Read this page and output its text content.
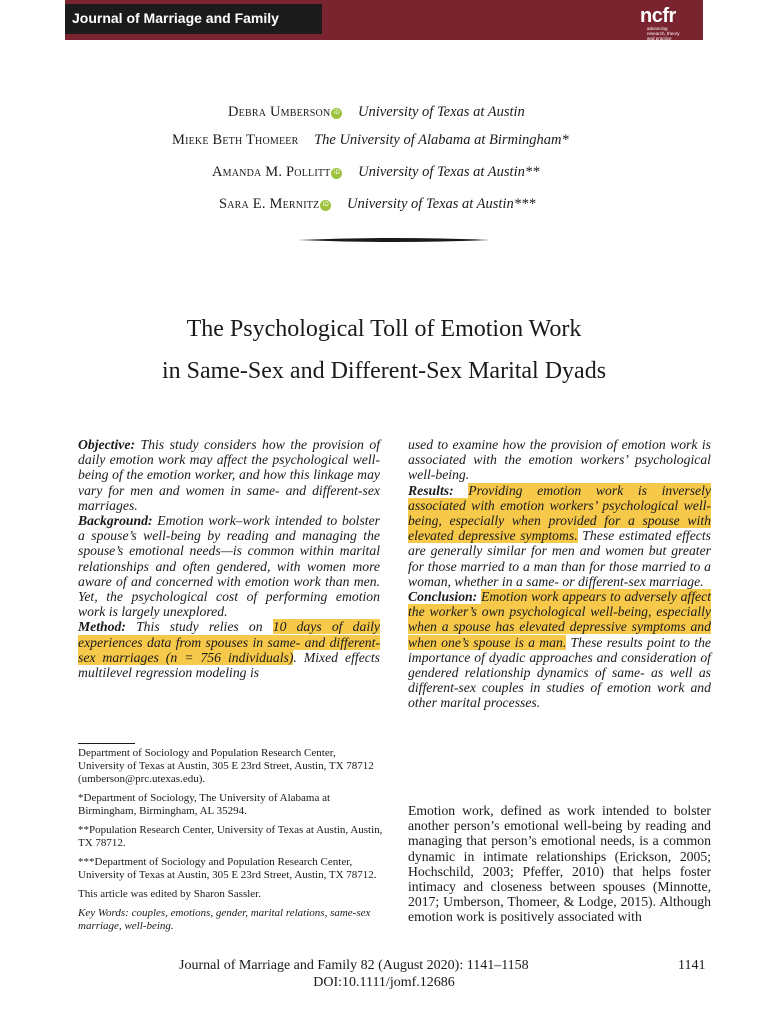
Journal of Marriage and Family	ncfr
advancing research, theory and practice
Debra Umberson iD University of Texas at Austin
Mieke Beth Thomeer The University of Alabama at Birmingham*
Amanda M. Pollitt iD University of Texas at Austin**
Sara E. Mernitz iD University of Texas at Austin***
The Psychological Toll of Emotion Work
in Same-Sex and Different-Sex Marital Dyads

Objective: This study considers how the provision of daily emotion work may affect the psychological well-being of the emotion worker, and how this linkage may vary for men and women in same- and different-sex marriages.

Background: Emotion work–work intended to bolster a spouse’s well-being by reading and managing the spouse’s emotional needs—is common within marital relationships and often gendered, with women more aware of and concerned with emotion work than men. Yet, the psychological cost of performing emotion work is largely unexplored.

Method: This study relies on 10 days of daily experiences data from spouses in same- and different-sex marriages (n = 756 individuals). Mixed effects multilevel regression modeling is

Department of Sociology and Population Research Center, University of Texas at Austin, 305 E 23rd Street, Austin, TX 78712 (umberson@prc.utexas.edu).

*Department of Sociology, The University of Alabama at Birmingham, Birmingham, AL 35294.

**Population Research Center, University of Texas at Austin, Austin, TX 78712.

***Department of Sociology and Population Research Center, University of Texas at Austin, 305 E 23rd Street, Austin, TX 78712.

This article was edited by Sharon Sassler.

Key Words: couples, emotions, gender, marital relations, same-sex marriage, well-being.

used to examine how the provision of emotion work is associated with the emotion workers’ psychological well-being.

Results: Providing emotion work is inversely associated with emotion workers’ psychological well-being, especially when provided for a spouse with elevated depressive symptoms. These estimated effects are generally similar for men and women but greater for those married to a man than for those married to a woman, whether in a same- or different-sex marriage.

Conclusion: Emotion work appears to adversely affect the worker’s own psychological well-being, especially when a spouse has elevated depressive symptoms and when one’s spouse is a man. These results point to the importance of dyadic approaches and consideration of gendered relationship dynamics of same- as well as different-sex couples in studies of emotion work and other marital processes.

Emotion work, defined as work intended to bolster another person’s emotional well-being by reading and managing that person’s emotional needs, is a common dynamic in intimate relationships (Erickson, 2005; Hochschild, 2003; Pfeffer, 2010) that helps foster intimacy and closeness between spouses (Minnotte, 2017; Umberson, Thomeer, & Lodge, 2015). Although emotion work is positively associated with
Journal of Marriage and Family 82 (August 2020): 1141–1158	1141
DOI:10.1111/jomf.12686
